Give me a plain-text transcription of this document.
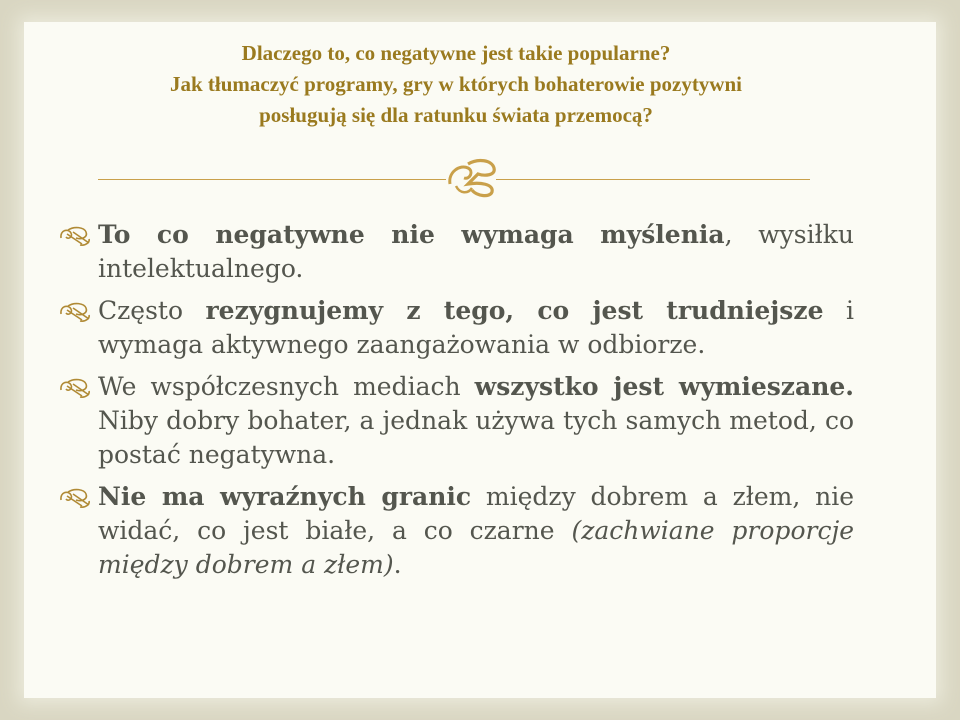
Dlaczego to, co negatywne jest takie popularne?
Jak tłumaczyć programy, gry w których bohaterowie pozytywni
posługują się dla ratunku świata przemocą?
To co negatywne nie wymaga myślenia, wysiłku intelektualnego.
Często rezygnujemy z tego, co jest trudniejsze i wymaga aktywnego zaangażowania w odbiorze.
We współczesnych mediach wszystko jest wymieszane. Niby dobry bohater, a jednak używa tych samych metod, co postać negatywna.
Nie ma wyraźnych granic między dobrem a złem, nie widać, co jest białe, a co czarne (zachwiane proporcje między dobrem a złem).
